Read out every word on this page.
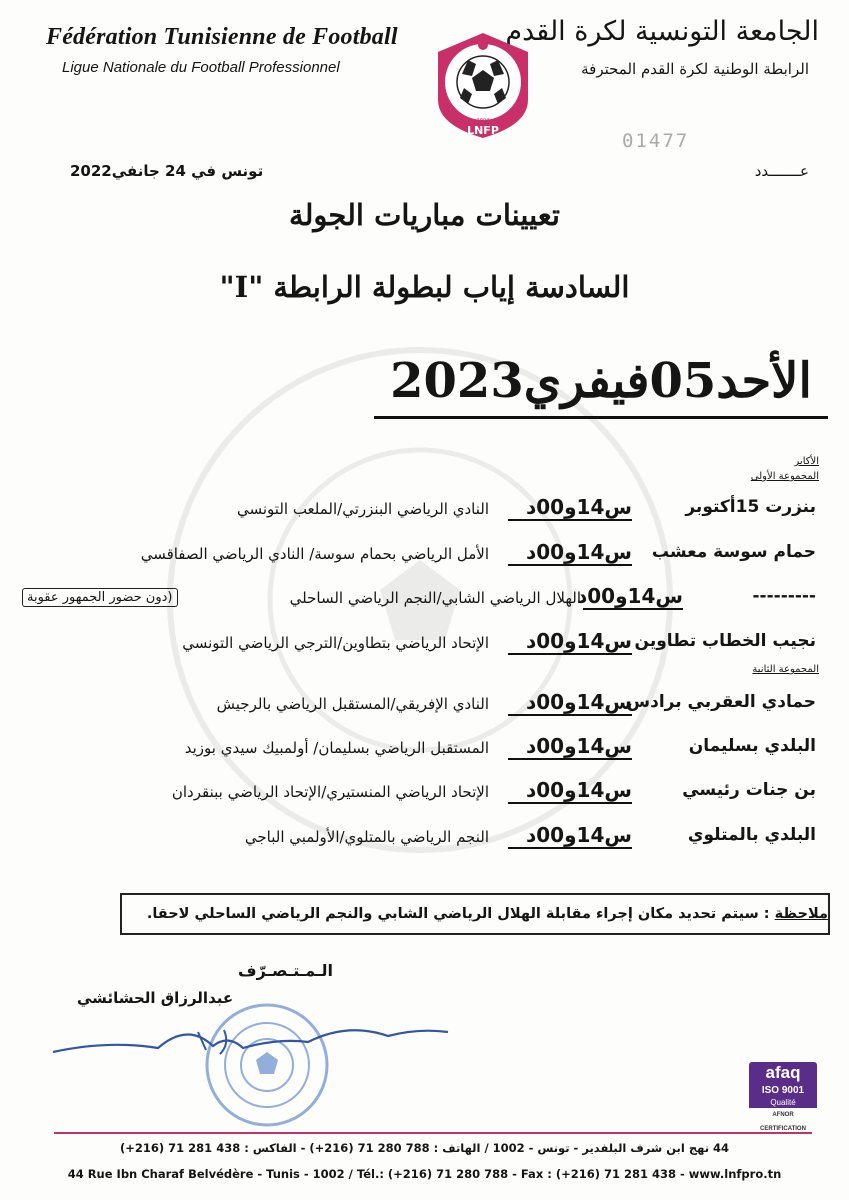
Fédération Tunisienne de Football
Ligue Nationale du Football Professionnel
الجامعة التونسية لكرة القدم
الرابطة الوطنية لكرة القدم المحترفة
1994
LNFP	01477
تونس في 24 جانفي2022	عـــــــدد
تعيينات مباريات الجولة
السادسة إياب لبطولة الرابطة "I"
الأحد05فيفري2023
الأكابر
المجموعة الأولى
بنزرت 15أكتوبر
س14و00د
النادي الرياضي البنزرتي/الملعب التونسي
حمام سوسة معشب
س14و00د
الأمل الرياضي بحمام سوسة/ النادي الرياضي الصفاقسي
---------
س14و00د
الهلال الرياضي الشابي/النجم الرياضي الساحلي
(دون حضور الجمهور عقوبة
نجيب الخطاب تطاوين
س14و00د
الإتحاد الرياضي بتطاوين/الترجي الرياضي التونسي
المجموعة الثانية
حمادي العقربي برادس
س14و00د
النادي الإفريقي/المستقبل الرياضي بالرجيش
البلدي بسليمان
س14و00د
المستقبل الرياضي بسليمان/ أولمبيك سيدي بوزيد
بن جنات رئيسي
س14و00د
الإتحاد الرياضي المنستيري/الإتحاد الرياضي ببنقردان
البلدي بالمتلوي
س14و00د
النجم الرياضي بالمتلوي/الأولمبي الباجي
ملاحظة : سيتم تحديد مكان إجراء مقابلة الهلال الرياضي الشابي والنجم الرياضي الساحلي لاحقا.
الـمـتـصـرّف
عبدالرزاق الحشائشي
afaq
ISO 9001
Qualité
AFNOR CERTIFICATION
44 نهج ابن شرف البلفدير - تونس - 1002 / الهاتف : 788 280 71 (216+) - الفاكس : 438 281 71 (216+)
44 Rue Ibn Charaf Belvédère - Tunis - 1002 / Tél.: (+216) 71 280 788 - Fax : (+216) 71 281 438 - www.lnfpro.tn
